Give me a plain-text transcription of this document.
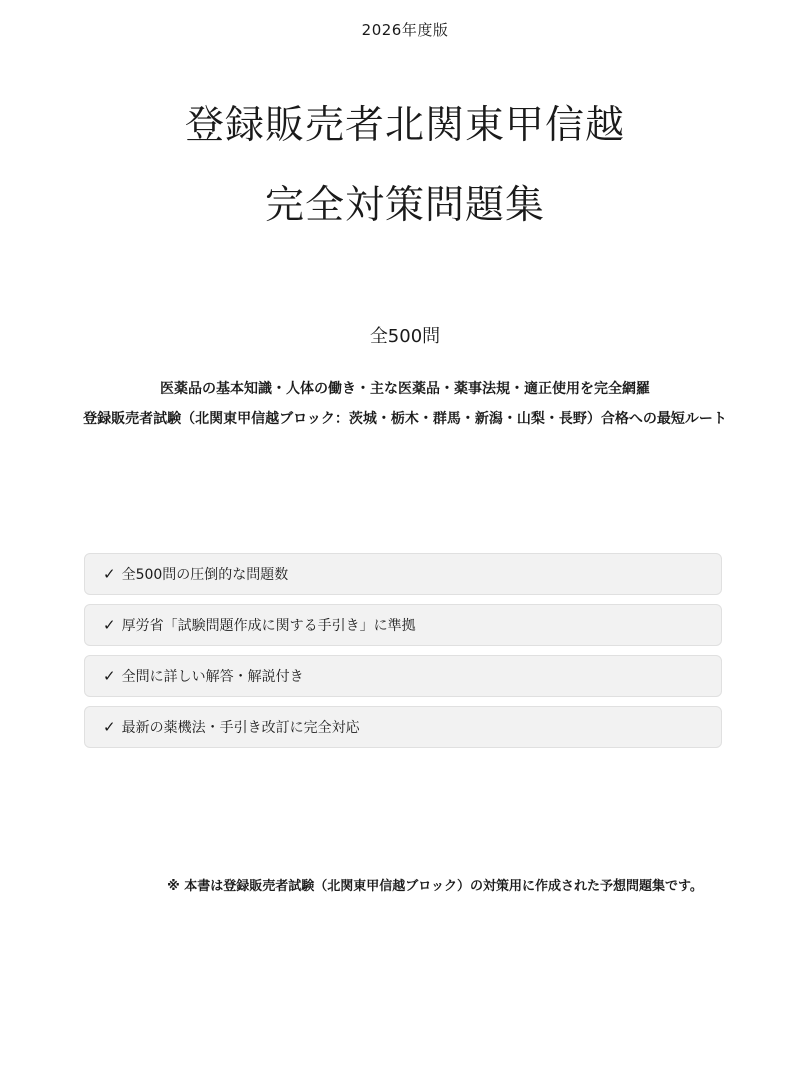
2026年度版
登録販売者北関東甲信越
完全対策問題集
全500問
医薬品の基本知識・人体の働き・主な医薬品・薬事法規・適正使用を完全網羅
登録販売者試験（北関東甲信越ブロック：茨城・栃木・群馬・新潟・山梨・長野）合格への最短ルート
✓ 全500問の圧倒的な問題数
✓ 厚労省「試験問題作成に関する手引き」に準拠
✓ 全問に詳しい解答・解説付き
✓ 最新の薬機法・手引き改訂に完全対応
※ 本書は登録販売者試験（北関東甲信越ブロック）の対策用に作成された予想問題集です。
